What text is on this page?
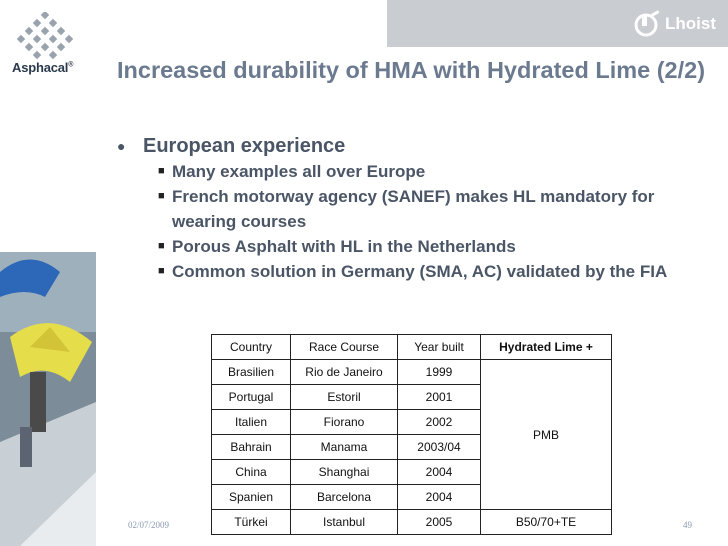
Asphacal®
Lhoist
Increased durability of HMA with Hydrated Lime (2/2)
● European experience
■ Many examples all over Europe
■ French motorway agency (SANEF) makes HL mandatory for wearing courses
■ Porous Asphalt with HL in the Netherlands
■ Common solution in Germany (SMA, AC) validated by the FIA
Country	Race Course	Year built	Hydrated Lime +
Brasilien	Rio de Janeiro	1999	PMB
Portugal	Estoril	2001	
Italien	Fiorano	2002	
Bahrain	Manama	2003/04	
China	Shanghai	2004	
Spanien	Barcelona	2004	
Türkei	Istanbul	2005	B50/70+TE
02/07/2009	49
